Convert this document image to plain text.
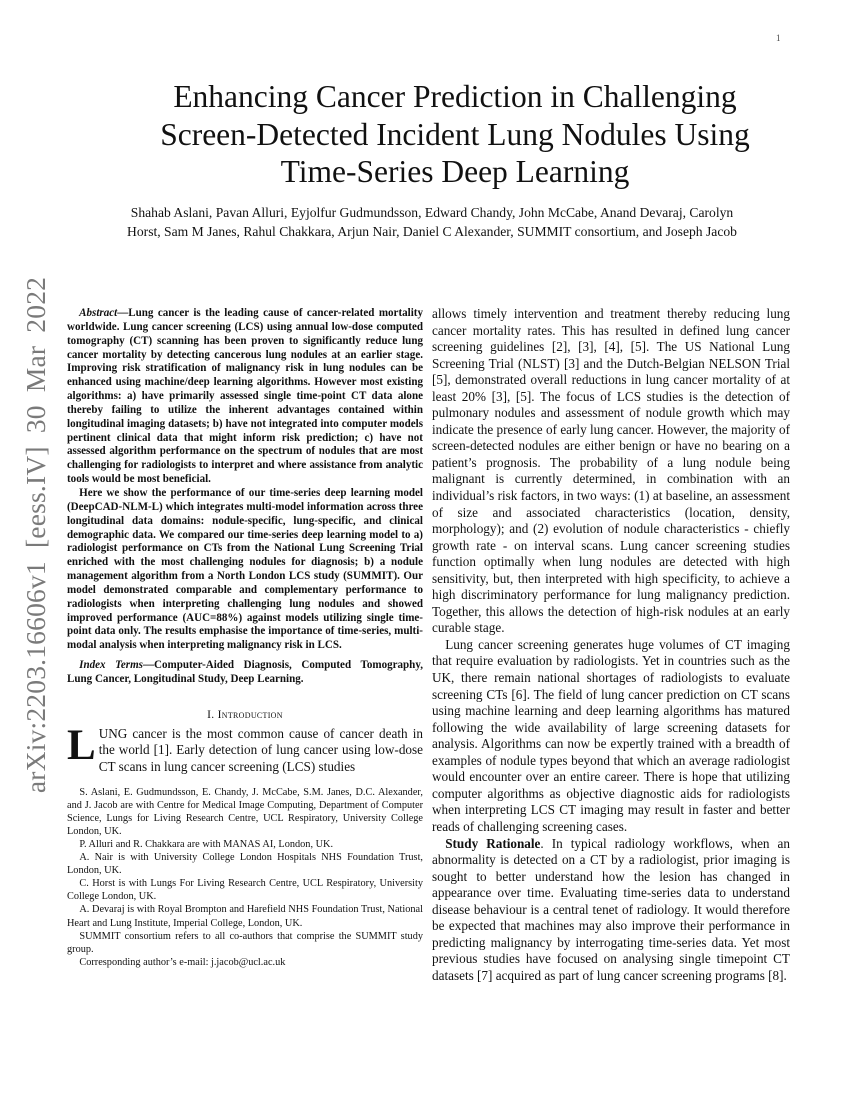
1
arXiv:2203.16606v1 [eess.IV] 30 Mar 2022
Enhancing Cancer Prediction in Challenging
Screen-Detected Incident Lung Nodules Using
Time-Series Deep Learning
Shahab Aslani, Pavan Alluri, Eyjolfur Gudmundsson, Edward Chandy, John McCabe, Anand Devaraj, Carolyn
Horst, Sam M Janes, Rahul Chakkara, Arjun Nair, Daniel C Alexander, SUMMIT consortium, and Joseph Jacob

Abstract—Lung cancer is the leading cause of cancer-related mortality worldwide. Lung cancer screening (LCS) using annual low-dose computed tomography (CT) scanning has been proven to significantly reduce lung cancer mortality by detecting cancerous lung nodules at an earlier stage. Improving risk stratification of malignancy risk in lung nodules can be enhanced using machine/deep learning algorithms. However most existing algorithms: a) have primarily assessed single time-point CT data alone thereby failing to utilize the inherent advantages contained within longitudinal imaging datasets; b) have not integrated into computer models pertinent clinical data that might inform risk prediction; c) have not assessed algorithm performance on the spectrum of nodules that are most challenging for radiologists to interpret and where assistance from analytic tools would be most beneficial.

Here we show the performance of our time-series deep learning model (DeepCAD-NLM-L) which integrates multi-model information across three longitudinal data domains: nodule-specific, lung-specific, and clinical demographic data. We compared our time-series deep learning model to a) radiologist performance on CTs from the National Lung Screening Trial enriched with the most challenging nodules for diagnosis; b) a nodule management algorithm from a North London LCS study (SUMMIT). Our model demonstrated comparable and complementary performance to radiologists when interpreting challenging lung nodules and showed improved performance (AUC=88%) against models utilizing single time-point data only. The results emphasise the importance of time-series, multi-modal analysis when interpreting malignancy risk in LCS.

Index Terms—Computer-Aided Diagnosis, Computed Tomography, Lung Cancer, Longitudinal Study, Deep Learning.

I. Introduction

LUNG cancer is the most common cause of cancer death in the world [1]. Early detection of lung cancer using low-dose CT scans in lung cancer screening (LCS) studies

S. Aslani, E. Gudmundsson, E. Chandy, J. McCabe, S.M. Janes, D.C. Alexander, and J. Jacob are with Centre for Medical Image Computing, Department of Computer Science, Lungs for Living Research Centre, UCL Respiratory, University College London, UK.

P. Alluri and R. Chakkara are with MANAS AI, London, UK.

A. Nair is with University College London Hospitals NHS Foundation Trust, London, UK.

C. Horst is with Lungs For Living Research Centre, UCL Respiratory, University College London, UK.

A. Devaraj is with Royal Brompton and Harefield NHS Foundation Trust, National Heart and Lung Institute, Imperial College, London, UK.

SUMMIT consortium refers to all co-authors that comprise the SUMMIT study group.

Corresponding author’s e-mail: j.jacob@ucl.ac.uk

allows timely intervention and treatment thereby reducing lung cancer mortality rates. This has resulted in defined lung cancer screening guidelines [2], [3], [4], [5]. The US National Lung Screening Trial (NLST) [3] and the Dutch-Belgian NELSON Trial [5], demonstrated overall reductions in lung cancer mortality of at least 20% [3], [5]. The focus of LCS studies is the detection of pulmonary nodules and assessment of nodule growth which may indicate the presence of early lung cancer. However, the majority of screen-detected nodules are either benign or have no bearing on a patient’s prognosis. The probability of a lung nodule being malignant is currently determined, in combination with an individual’s risk factors, in two ways: (1) at baseline, an assessment of size and associated characteristics (location, density, morphology); and (2) evolution of nodule characteristics - chiefly growth rate - on interval scans. Lung cancer screening studies function optimally when lung nodules are detected with high sensitivity, but, then interpreted with high specificity, to achieve a high discriminatory performance for lung malignancy prediction. Together, this allows the detection of high-risk nodules at an early curable stage.

Lung cancer screening generates huge volumes of CT imaging that require evaluation by radiologists. Yet in countries such as the UK, there remain national shortages of radiologists to evaluate screening CTs [6]. The field of lung cancer prediction on CT scans using machine learning and deep learning algorithms has matured following the wide availability of large screening datasets for analysis. Algorithms can now be expertly trained with a breadth of examples of nodule types beyond that which an average radiologist would encounter over an entire career. There is hope that utilizing computer algorithms as objective diagnostic aids for radiologists when interpreting LCS CT imaging may result in faster and better reads of challenging screening cases.

Study Rationale. In typical radiology workflows, when an abnormality is detected on a CT by a radiologist, prior imaging is sought to better understand how the lesion has changed in appearance over time. Evaluating time-series data to understand disease behaviour is a central tenet of radiology. It would therefore be expected that machines may also improve their performance in predicting malignancy by interrogating time-series data. Yet most previous studies have focused on analysing single timepoint CT datasets [7] acquired as part of lung cancer screening programs [8].
